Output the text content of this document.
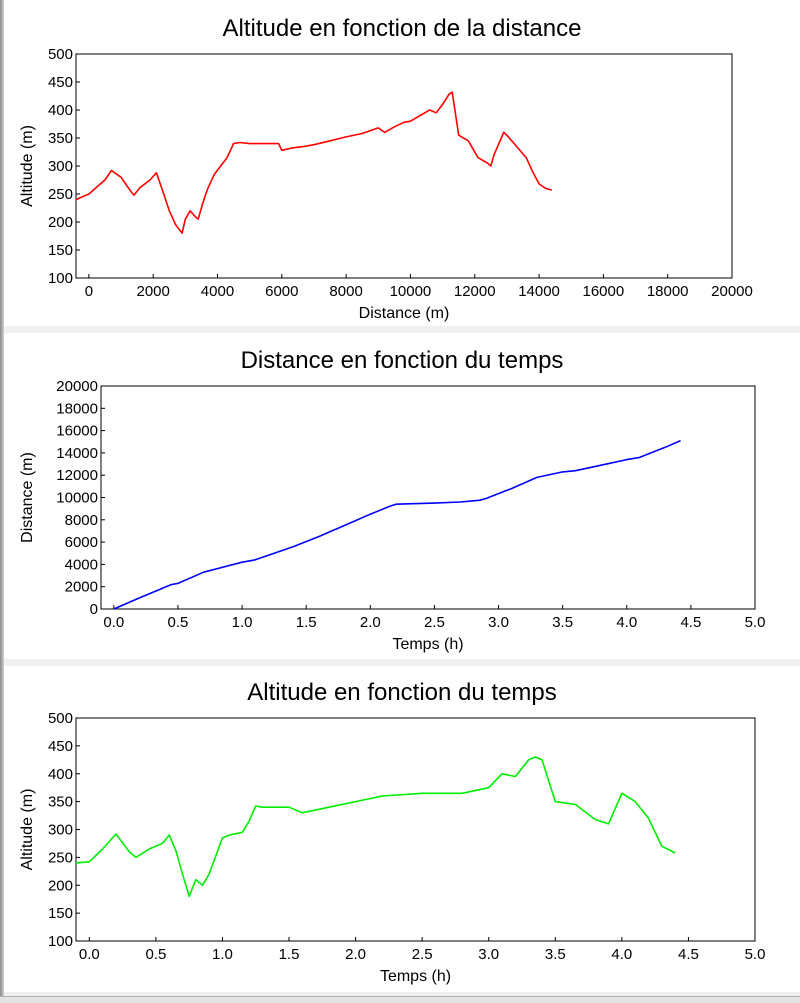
Altitude en fonction de la distance
100
150
200
250
300
350
400
450
500
0	2000 4000 6000 8000 10000 12000 14000 16000 18000 20000
Distance (m)
Altitude (m)
Distance en fonction du temps
0
2000
4000
6000
8000
10000
12000
14000
16000
18000
20000
0.0	0.5	1.0	1.5	2.0	2.5	3.0	3.5	4.0	4.5	5.0
Temps (h)
Distance (m)
Altitude en fonction du temps
100
150
200
250
300
350
400
450
500
0.0	0.5	1.0	1.5	2.0	2.5	3.0	3.5	4.0	4.5	5.0
Temps (h)
Altitude (m)
